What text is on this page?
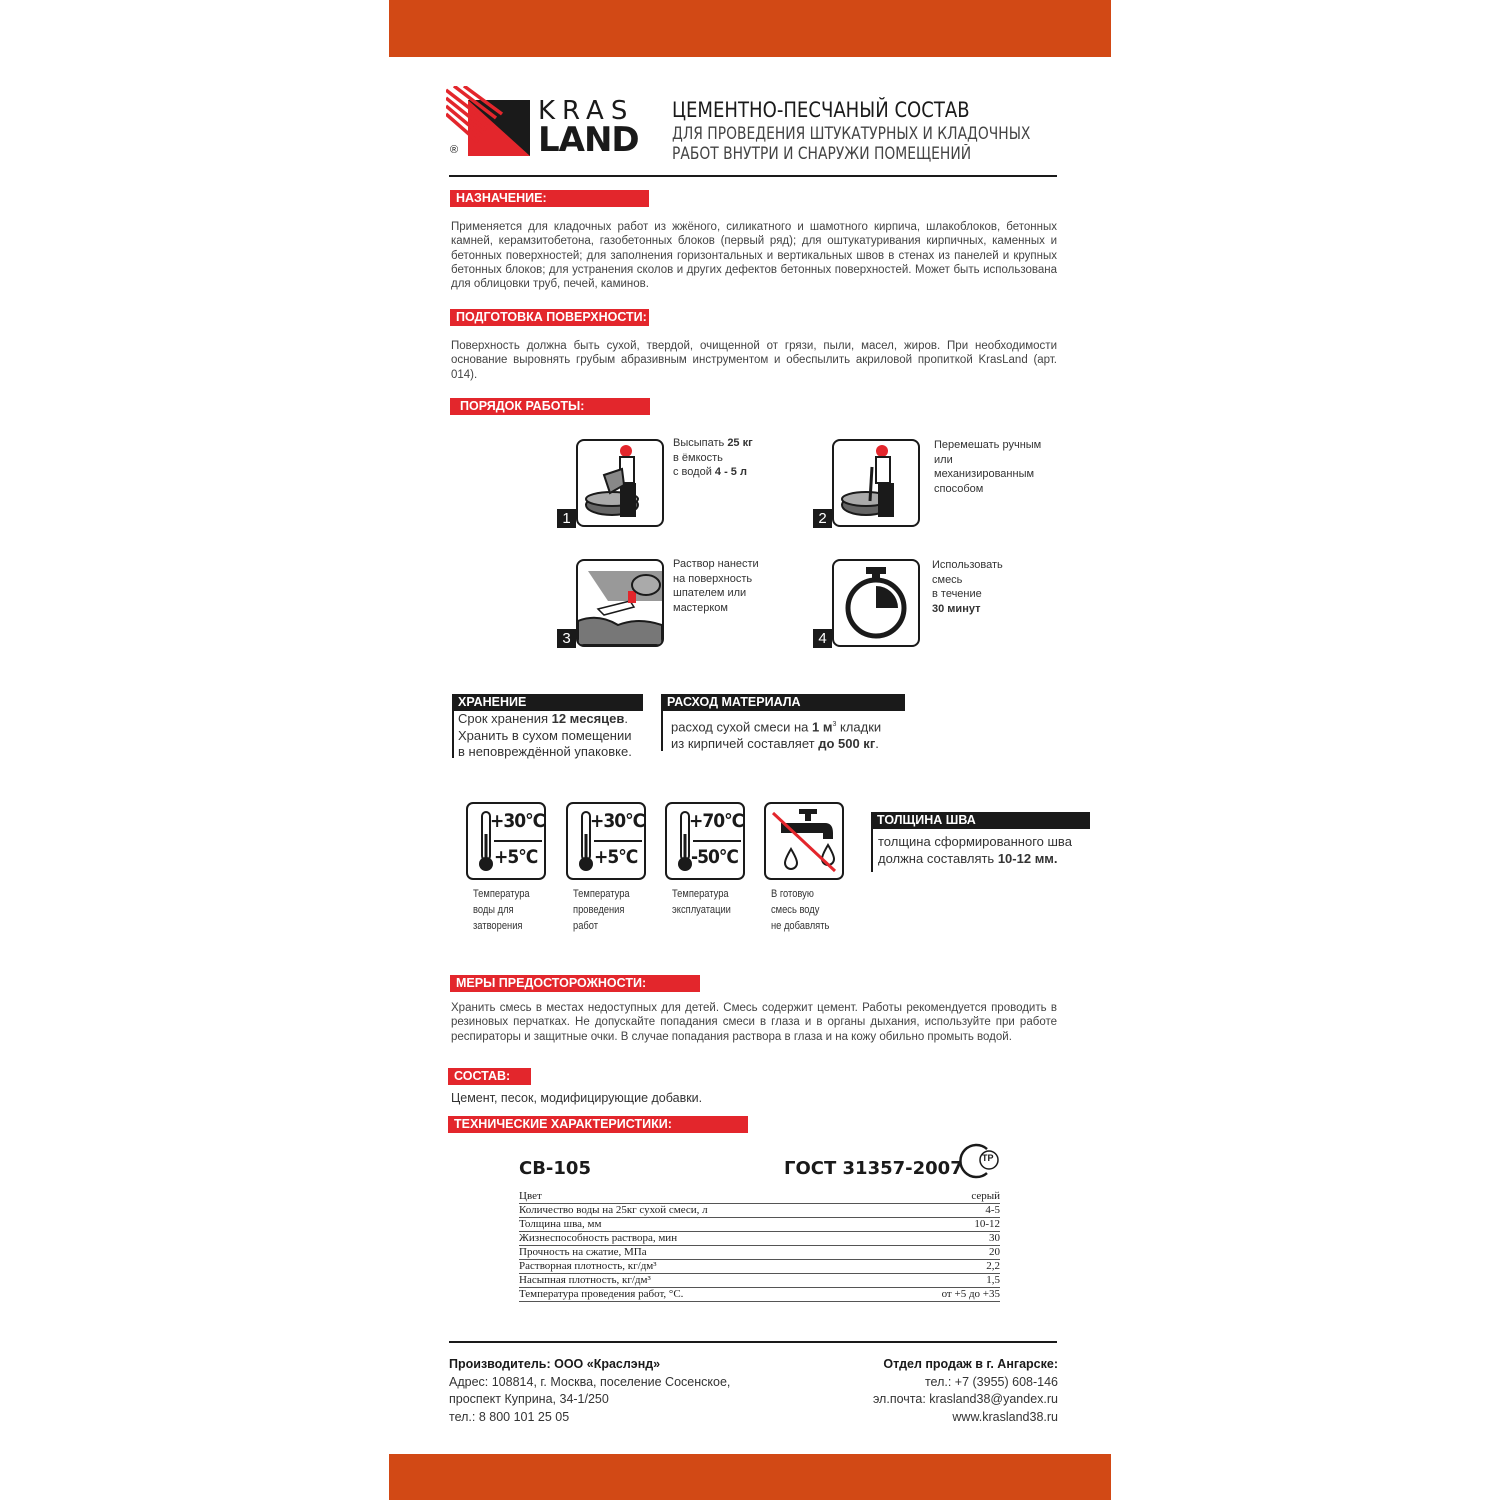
KRAS
LAND
®
ЦЕМЕНТНО-ПЕСЧАНЫЙ СОСТАВ
ДЛЯ ПРОВЕДЕНИЯ ШТУКАТУРНЫХ И КЛАДОЧНЫХ
РАБОТ ВНУТРИ И СНАРУЖИ ПОМЕЩЕНИЙ
НАЗНАЧЕНИЕ:
Применяется для кладочных работ из жжёного, силикатного и шамотного кирпича, шлакоблоков, бетонных камней, керамзитобетона, газобетонных блоков (первый ряд); для оштукатуривания кирпичных, каменных и бетонных поверхностей; для заполнения горизонтальных и вертикальных швов в стенах из панелей и крупных бетонных блоков; для устранения сколов и других дефектов бетонных поверхностей. Может быть использована для облицовки труб, печей, каминов.
ПОДГОТОВКА ПОВЕРХНОСТИ:
Поверхность должна быть сухой, твердой, очищенной от грязи, пыли, масел, жиров. При необходимости основание выровнять грубым абразивным инструментом и обеспылить акриловой пропиткой KrasLand (арт. 014).
ПОРЯДОК РАБОТЫ:
1
Высыпать 25 кг
в ёмкость
с водой 4 - 5 л
2
Перемешать ручным
или
механизированным
способом
3
Раствор нанести
на поверхность
шпателем или
мастерком
4
Использовать
смесь
в течение
30 минут
ХРАНЕНИЕ
Срок хранения 12 месяцев.
Хранить в сухом помещении
в неповреждённой упаковке.
РАСХОД МАТЕРИАЛА
расход сухой смеси на 1 $м^3$ кладки
из кирпичей составляет до 500 кг.
+30°C
+5°C
Температура
воды для
затворения
+30°C
+5°C
Температура
проведения
работ
+70°C
-50°C
Температура
эксплуатации
В готовую
смесь воду
не добавлять
ТОЛЩИНА ШВА
толщина сформированного шва
должна составлять 10-12 мм.
МЕРЫ ПРЕДОСТОРОЖНОСТИ:
Хранить смесь в местах недоступных для детей. Смесь содержит цемент. Работы рекомендуется проводить в резиновых перчатках. Не допускайте попадания смеси в глаза и в органы дыхания, используйте при работе респираторы и защитные очки. В случае попадания раствора в глаза и на кожу обильно промыть водой.
СОСТАВ:
Цемент, песок, модифицирующие добавки.
ТЕХНИЧЕСКИЕ ХАРАКТЕРИСТИКИ:
СВ-105	ГОСТ 31357-2007 ТР
Цвет	серый
Количество воды на 25кг сухой смеси, л	4-5
Толщина шва, мм	10-12
Жизнеспособность раствора, мин	30
Прочность на сжатие, МПа	20
Растворная плотность, кг/дм³	2,2
Насыпная плотность, кг/дм³	1,5
Температура проведения работ, °С.	от +5 до +35
Производитель: ООО «Краслэнд»
Адрес: 108814, г. Москва, поселение Сосенское,
проспект Куприна, 34-1/250
тел.: 8 800 101 25 05
Отдел продаж в г. Ангарске:
тел.: +7 (3955) 608-146
эл.почта: krasland38@yandex.ru
www.krasland38.ru
